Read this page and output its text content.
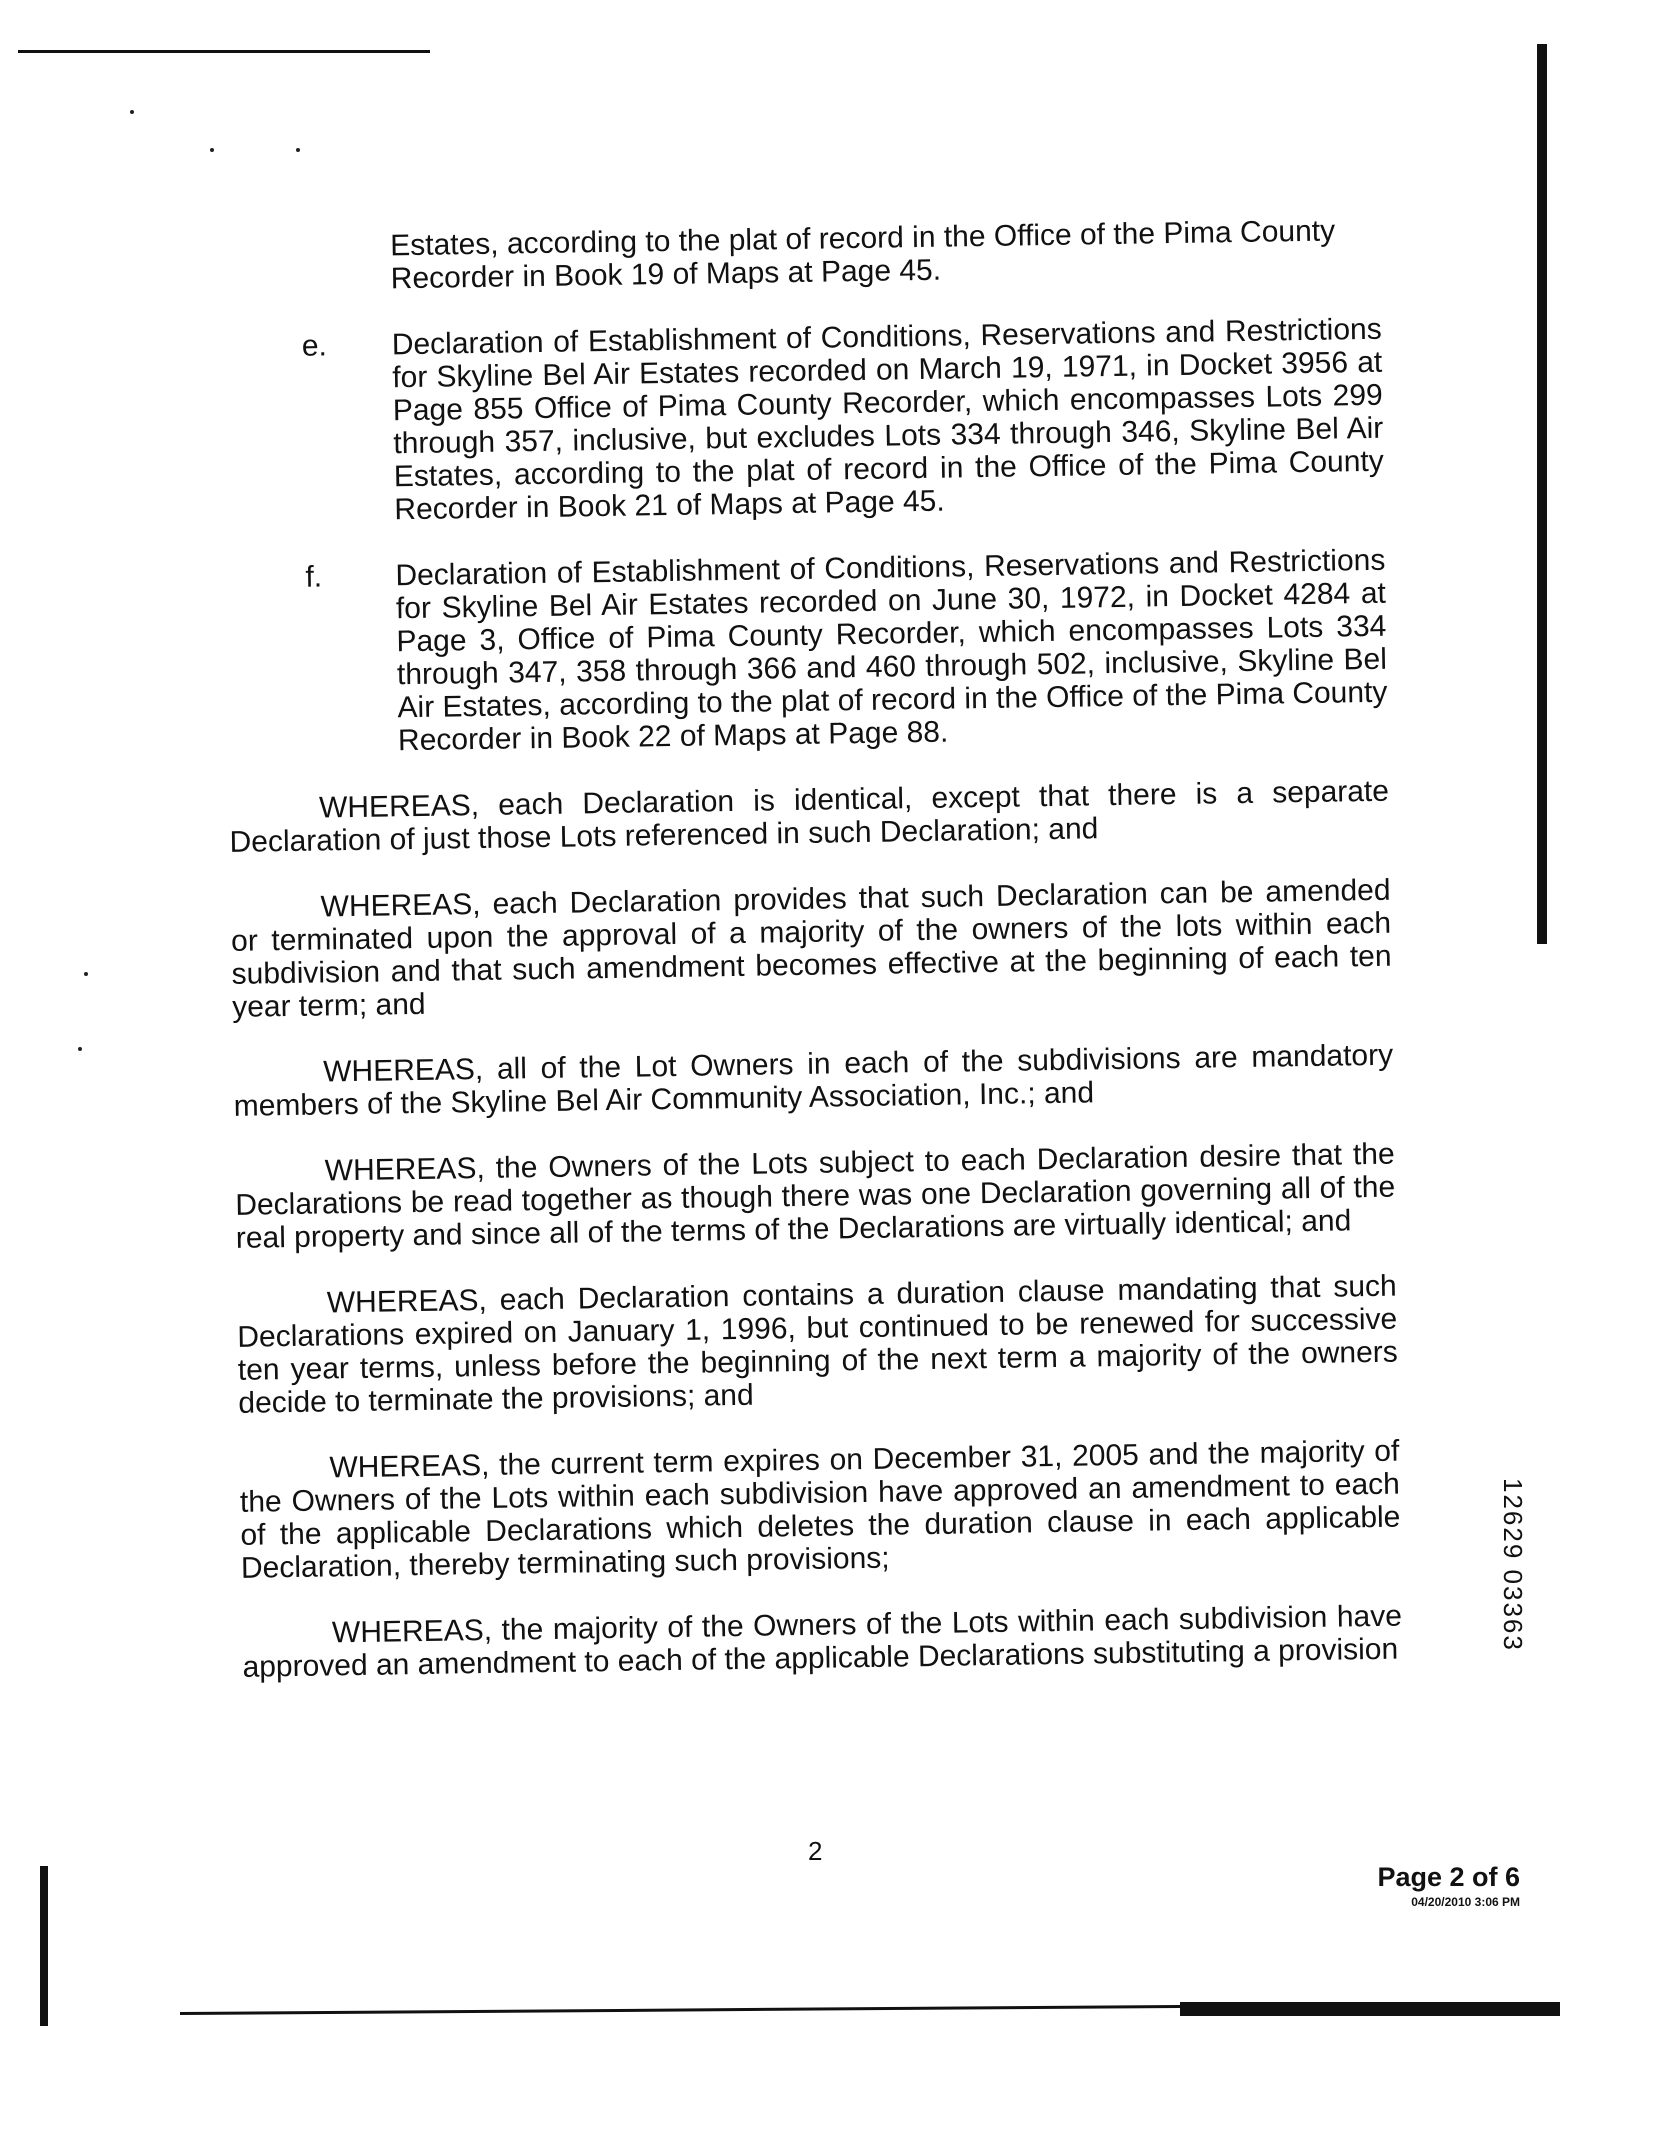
Estates, according to the plat of record in the Office of the Pima County Recorder in Book 19 of Maps at Page 45.
e. Declaration of Establishment of Conditions, Reservations and Restrictions for Skyline Bel Air Estates recorded on March 19, 1971, in Docket 3956 at Page 855 Office of Pima County Recorder, which encompasses Lots 299 through 357, inclusive, but excludes Lots 334 through 346, Skyline Bel Air Estates, according to the plat of record in the Office of the Pima County Recorder in Book 21 of Maps at Page 45.
f. Declaration of Establishment of Conditions, Reservations and Restrictions for Skyline Bel Air Estates recorded on June 30, 1972, in Docket 4284 at Page 3, Office of Pima County Recorder, which encompasses Lots 334 through 347, 358 through 366 and 460 through 502, inclusive, Skyline Bel Air Estates, according to the plat of record in the Office of the Pima County Recorder in Book 22 of Maps at Page 88.
WHEREAS, each Declaration is identical, except that there is a separate Declaration of just those Lots referenced in such Declaration; and
WHEREAS, each Declaration provides that such Declaration can be amended or terminated upon the approval of a majority of the owners of the lots within each subdivision and that such amendment becomes effective at the beginning of each ten year term; and
WHEREAS, all of the Lot Owners in each of the subdivisions are mandatory members of the Skyline Bel Air Community Association, Inc.; and
WHEREAS, the Owners of the Lots subject to each Declaration desire that the Declarations be read together as though there was one Declaration governing all of the real property and since all of the terms of the Declarations are virtually identical; and
WHEREAS, each Declaration contains a duration clause mandating that such Declarations expired on January 1, 1996, but continued to be renewed for successive ten year terms, unless before the beginning of the next term a majority of the owners decide to terminate the provisions; and
WHEREAS, the current term expires on December 31, 2005 and the majority of the Owners of the Lots within each subdivision have approved an amendment to each of the applicable Declarations which deletes the duration clause in each applicable Declaration, thereby terminating such provisions;
WHEREAS, the majority of the Owners of the Lots within each subdivision have approved an amendment to each of the applicable Declarations substituting a provision
12629 03363
2
Page 2 of 6
04/20/2010 3:06 PM
